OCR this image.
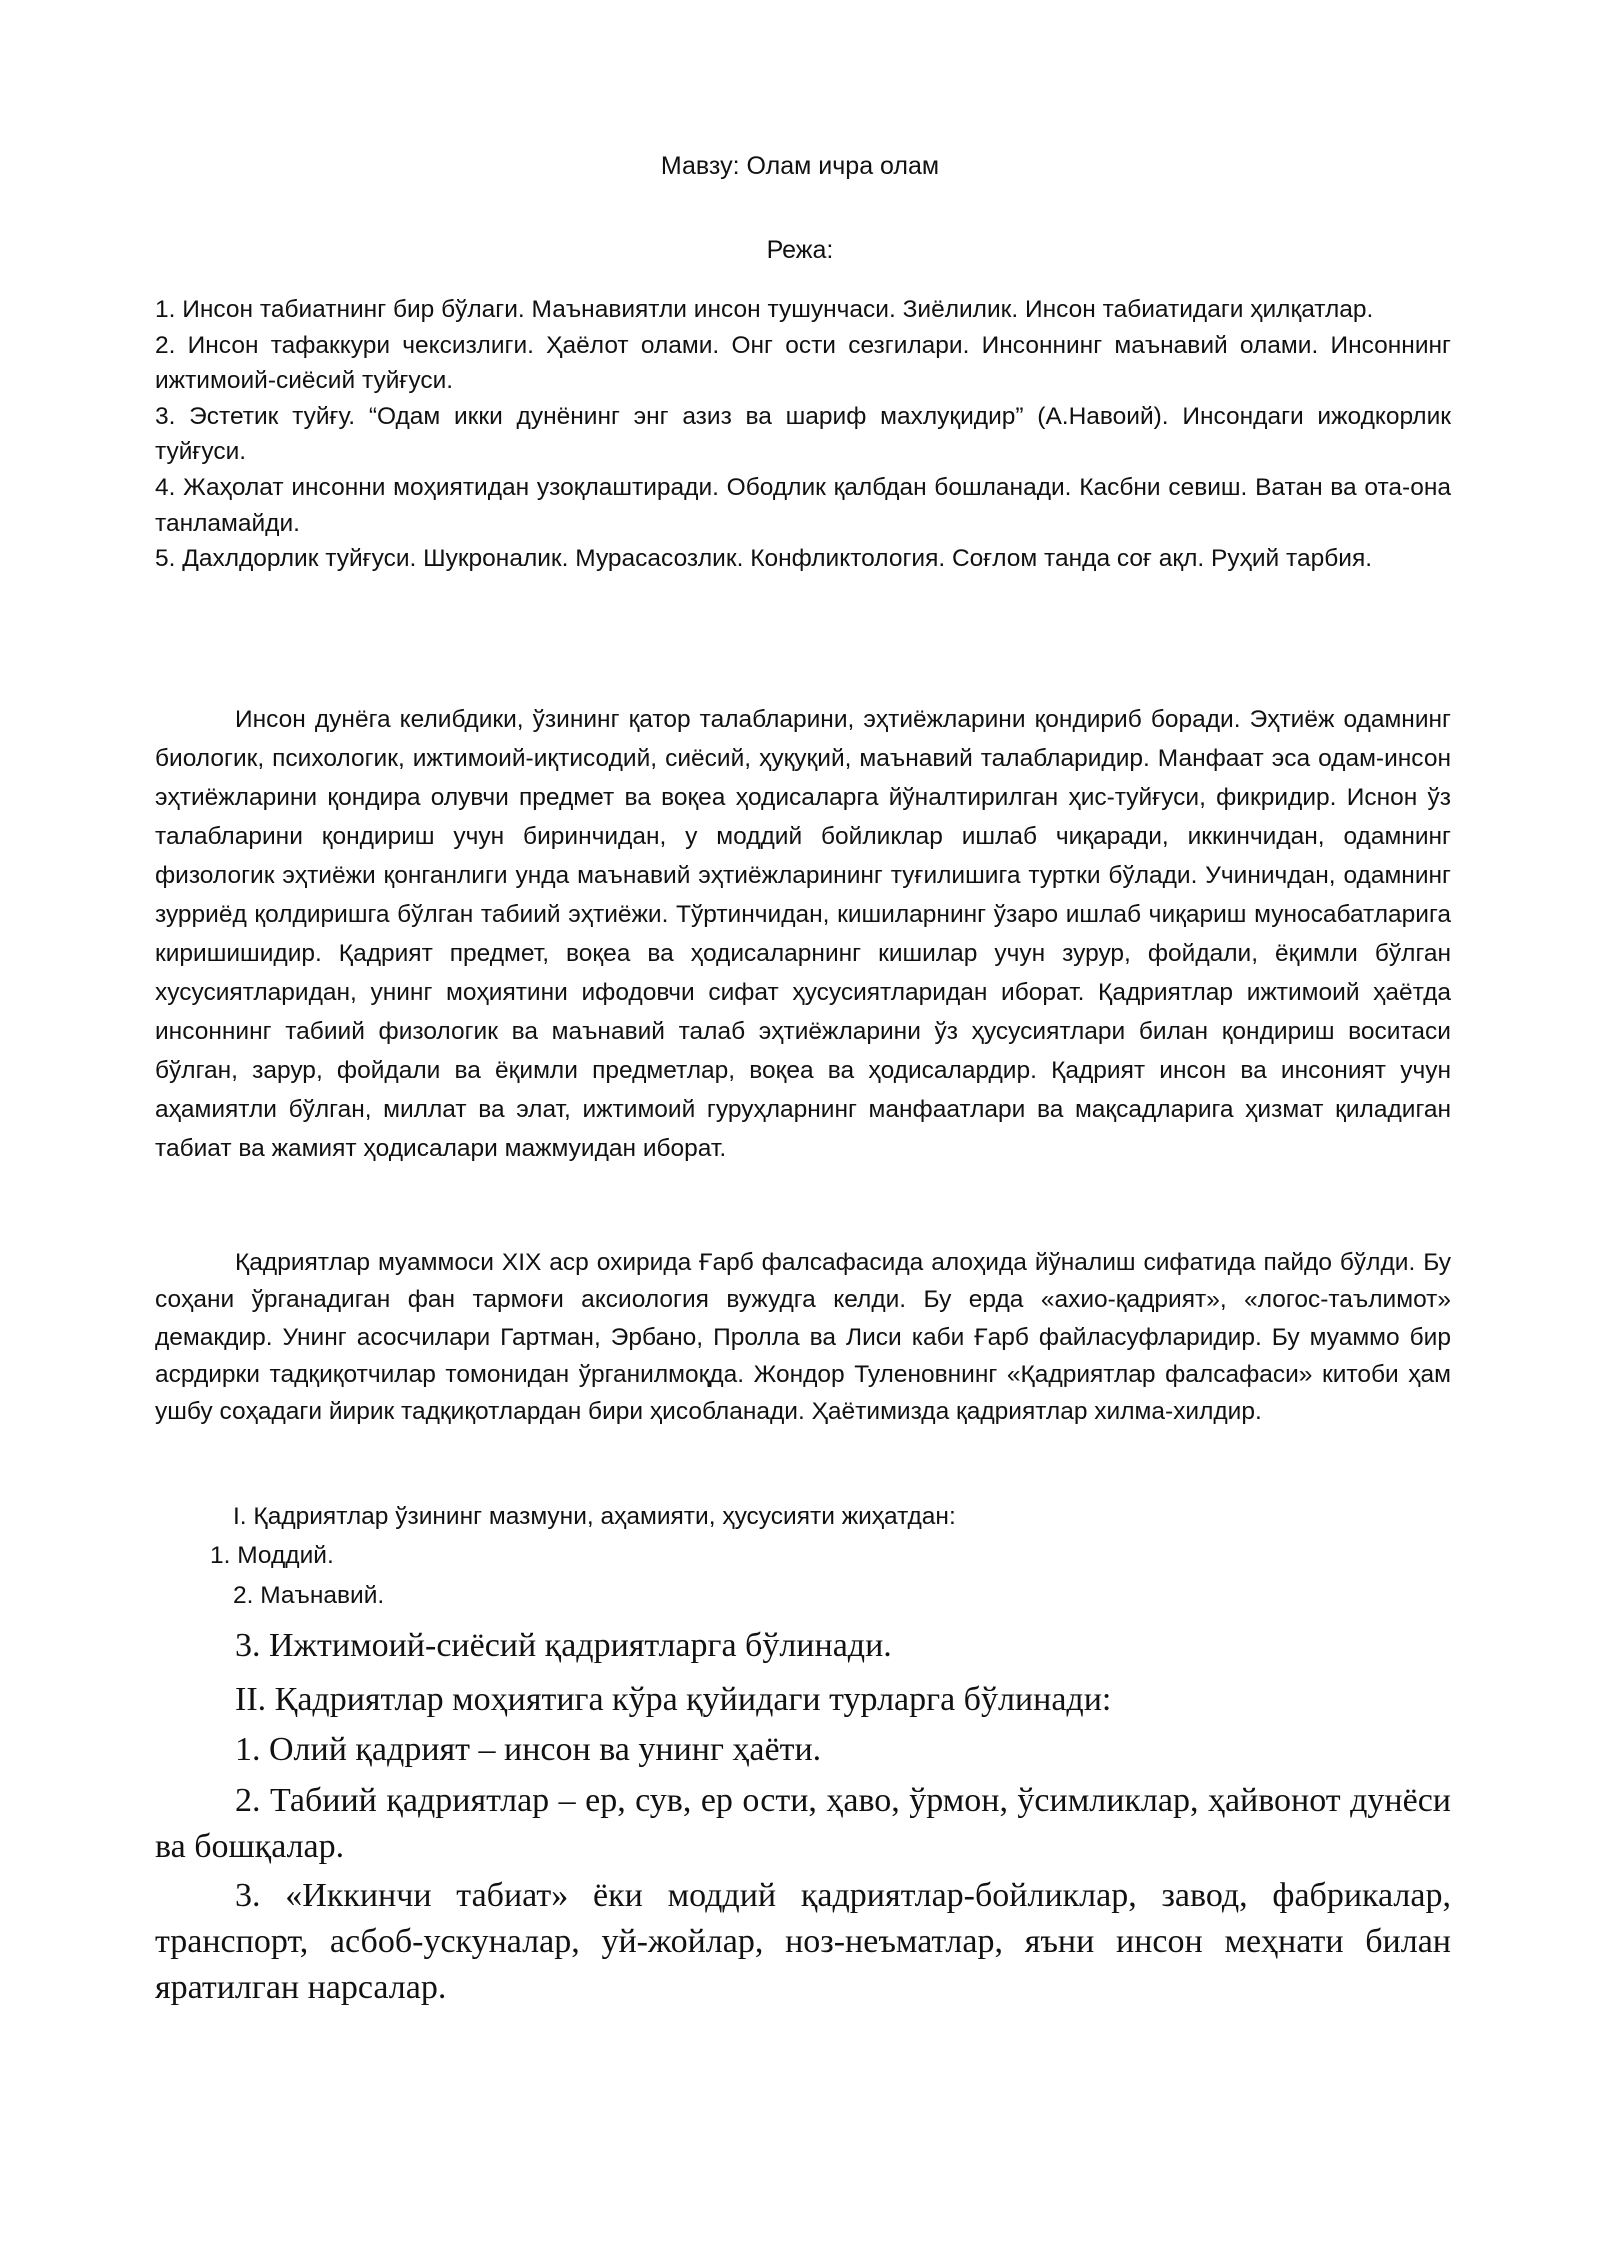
Мавзу: Олам ичра олам
Режа:

1. Инсон табиатнинг бир бўлаги. Маънавиятли инсон тушунчаси. Зиёлилик. Инсон табиатидаги ҳилқатлар.

2. Инсон тафаккури чексизлиги. Ҳаёлот олами. Онг ости сезгилари. Инсоннинг маънавий олами. Инсоннинг ижтимоий-сиёсий туйғуси.

3. Эстетик туйғу. “Одам икки дунёнинг энг азиз ва шариф махлуқидир” (А.Навоий). Инсондаги ижодкорлик туйғуси.

4. Жаҳолат инсонни моҳиятидан узоқлаштиради. Ободлик қалбдан бошланади. Касбни севиш. Ватан ва ота-она танламайди.

5. Дахлдорлик туйғуси. Шукроналик. Мурасасозлик. Конфликтология. Соғлом танда соғ ақл. Руҳий тарбия.

Инсон дунёга келибдики, ўзининг қатор талабларини, эҳтиёжларини қондириб боради. Эҳтиёж одамнинг биологик, психологик, ижтимоий-иқтисодий, сиёсий, ҳуқуқий, маънавий талабларидир. Манфаат эса одам-инсон эҳтиёжларини қондира олувчи предмет ва воқеа ҳодисаларга йўналтирилган ҳис-туйғуси, фикридир. Иснон ўз талабларини қондириш учун биринчидан, у моддий бойликлар ишлаб чиқаради, иккинчидан, одамнинг физологик эҳтиёжи қонганлиги унда маънавий эҳтиёжларининг туғилишига туртки бўлади. Учиничдан, одамнинг зурриёд қолдиришга бўлган табиий эҳтиёжи. Тўртинчидан, кишиларнинг ўзаро ишлаб чиқариш муносабатларига киришишидир. Қадрият предмет, воқеа ва ҳодисаларнинг кишилар учун зурур, фойдали, ёқимли бўлган хусусиятларидан, унинг моҳиятини ифодовчи сифат ҳусусиятларидан иборат. Қадриятлар ижтимоий ҳаётда инсоннинг табиий физологик ва маънавий талаб эҳтиёжларини ўз ҳусусиятлари билан қондириш воситаси бўлган, зарур, фойдали ва ёқимли предметлар, воқеа ва ҳодисалардир. Қадрият инсон ва инсоният учун аҳамиятли бўлган, миллат ва элат, ижтимоий гуруҳларнинг манфаатлари ва мақсадларига ҳизмат қиладиган табиат ва жамият ҳодисалари мажмуидан иборат.

Қадриятлар муаммоси XIX аср охирида Ғарб фалсафасида алоҳида йўналиш сифатида пайдо бўлди. Бу соҳани ўрганадиган фан тармоғи аксиология вужудга келди. Бу ерда «ахио-қадрият», «логос-таълимот» демакдир. Унинг асосчилари Гартман, Эрбано, Пролла ва Лиси каби Ғарб файласуфларидир. Бу муаммо бир асрдирки тадқиқотчилар томонидан ўрганилмоқда. Жондор Туленовнинг «Қадриятлар фалсафаси» китоби ҳам ушбу соҳадаги йирик тадқиқотлардан бири ҳисобланади. Ҳаётимизда қадриятлар хилма-хилдир.

I. Қадриятлар ўзининг мазмуни, аҳамияти, ҳусусияти жиҳатдан:
1. Моддий.
2. Маънавий.

3. Ижтимоий-сиёсий қадриятларга бўлинади.

II. Қадриятлар моҳиятига кўра қуйидаги турларга бўлинади:

1. Олий қадрият – инсон ва унинг ҳаёти.

2. Табиий қадриятлар – ер, сув, ер ости, ҳаво, ўрмон, ўсимликлар, ҳайвонот дунёси ва бошқалар.

3. «Иккинчи табиат» ёки моддий қадриятлар-бойликлар, завод, фабрикалар, транспорт, асбоб-ускуналар, уй-жойлар, ноз-неъматлар, яъни инсон меҳнати билан яратилган нарсалар.
